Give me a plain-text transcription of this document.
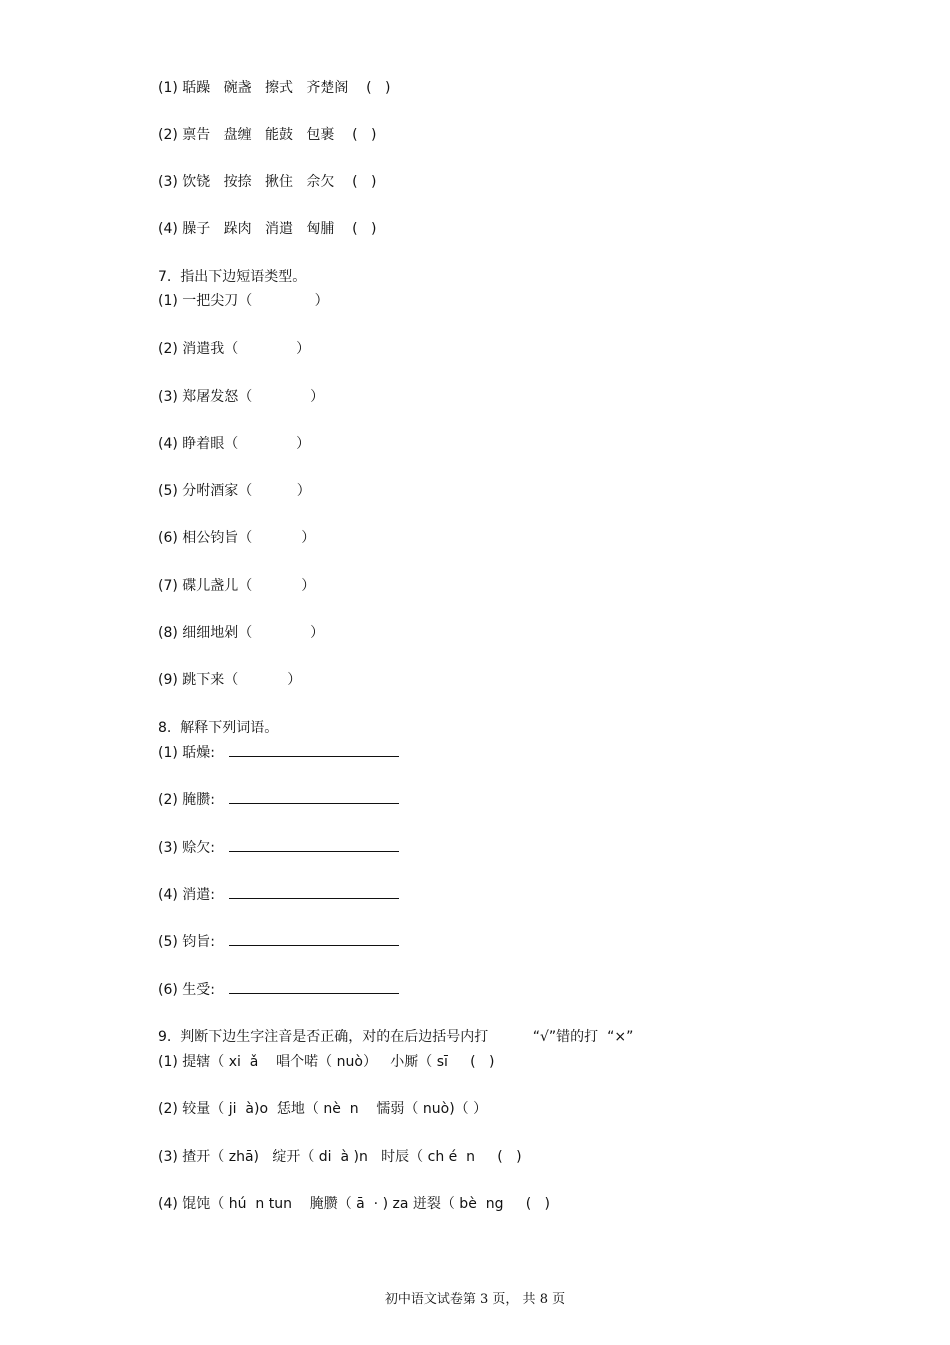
(1) 聒躁   碗盏   擦式   齐楚阁    (   )
(2) 禀告   盘缠   能鼓   包裹    (   )
(3) 饮铙   按捺   揪住   佘欠    (   )
(4) 臊子   跺肉   消遣   匈脯    (   )
7.  指出下边短语类型。
(1) 一把尖刀（              ）
(2) 消遣我（             ）
(3) 郑屠发怒（             ）
(4) 睁着眼（             ）
(5) 分咐酒家（          ）
(6) 相公钧旨（           ）
(7) 碟儿盏儿（           ）
(8) 细细地剁（             ）
(9) 跳下来（           ）
8.  解释下列词语。
(1) 聒燥:
(2) 腌臜:
(3) 赊欠:
(4) 消遣:
(5) 钧旨:
(6) 生受:
9.  判断下边生字注音是否正确，对的在后边括号内打          “√”错的打  “×”
(1) 提辖（ xi  ǎ    唱个喏（ nuò）   小厮（ sī     (   )
(2) 较量（ ji  à)o  恁地（ nè  n    懦弱（ nuò)（ ）
(3) 揸开（ zhā)   绽开（ di  à )n   时辰（ ch é  n     (   )
(4) 馄饨（ hú  n tun    腌臜（ ā  · ) za 迸裂（ bè  ng     (   )
初中语文试卷第 3 页， 共 8 页
